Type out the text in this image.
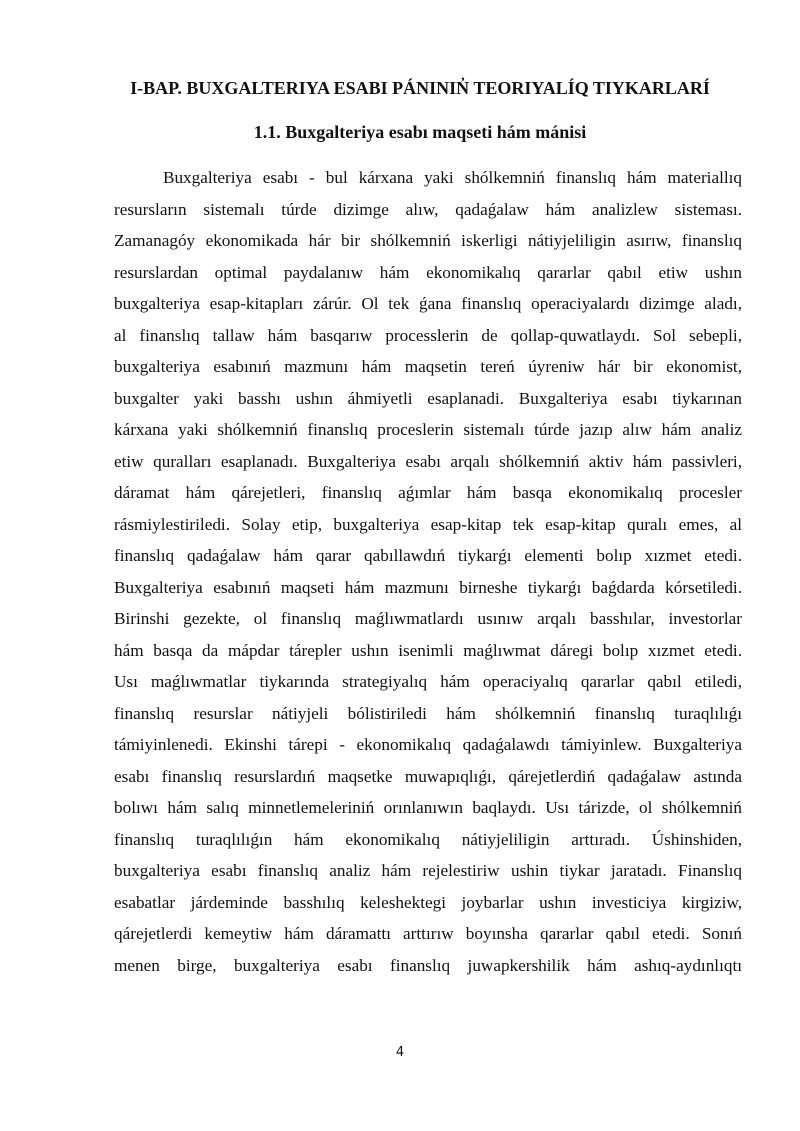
I-BAP. BUXGALTERIYA ESABI PÁNININ̓ TEORIYALÍQ TIYKARLARÍ
1.1. Buxgalteriya esabı maqseti hám mánisi
Buxgalteriya esabı - bul kárxana yaki shólkemniń finanslıq hám materiallıq
resursların sistemalı túrde dizimge alıw, qadaǵalaw hám analizlew sisteması.
Zamanagóy ekonomikada hár bir shólkemniń iskerligi nátiyjeliligin asırıw, finanslıq
resurslardan optimal paydalanıw hám ekonomikalıq qararlar qabıl etiw ushın
buxgalteriya esap-kitapları zárúr. Ol tek ǵana finanslıq operaciyalardı dizimge aladı,
al finanslıq tallaw hám basqarıw processlerin de qollap-quwatlaydı. Sol sebepli,
buxgalteriya esabınıń mazmunı hám maqsetin tereń úyreniw hár bir ekonomist,
buxgalter yaki basshı ushın áhmiyetli esaplanadi. Buxgalteriya esabı tiykarınan
kárxana yaki shólkemniń finanslıq proceslerin sistemalı túrde jazıp alıw hám analiz
etiw quralları esaplanadı. Buxgalteriya esabı arqalı shólkemniń aktiv hám passivleri,
dáramat hám qárejetleri, finanslıq aǵımlar hám basqa ekonomikalıq procesler
rásmiylestiriledi. Solay etip, buxgalteriya esap-kitap tek esap-kitap quralı emes, al
finanslıq qadaǵalaw hám qarar qabıllawdıń tiykarǵı elementi bolıp xızmet etedi.
Buxgalteriya esabınıń maqseti hám mazmunı birneshe tiykarǵı baǵdarda kórsetiledi.
Birinshi gezekte, ol finanslıq maǵlıwmatlardı usınıw arqalı basshılar, investorlar
hám basqa da mápdar tárepler ushın isenimli maǵlıwmat dáregi bolıp xızmet etedi.
Usı maǵlıwmatlar tiykarında strategiyalıq hám operaciyalıq qararlar qabıl etiledi,
finanslıq resurslar nátiyjeli bólistiriledi hám shólkemniń finanslıq turaqlılıǵı
támiyinlenedi. Ekinshi tárepi - ekonomikalıq qadaǵalawdı támiyinlew. Buxgalteriya
esabı finanslıq resurslardıń maqsetke muwapıqlıǵı, qárejetlerdiń qadaǵalaw astında
bolıwı hám salıq minnetlemeleriniń orınlanıwın baqlaydı. Usı tárizde, ol shólkemniń
finanslıq turaqlılıǵın hám ekonomikalıq nátiyjeliligin arttıradı. Úshinshiden,
buxgalteriya esabı finanslıq analiz hám rejelestiriw ushin tiykar jaratadı. Finanslıq
esabatlar járdeminde basshılıq keleshektegi joybarlar ushın investiciya kirgiziw,
qárejetlerdi kemeytiw hám dáramattı arttırıw boyınsha qararlar qabıl etedi. Sonıń
menen birge, buxgalteriya esabı finanslıq juwapkershilik hám ashıq-aydınlıqtı
4
